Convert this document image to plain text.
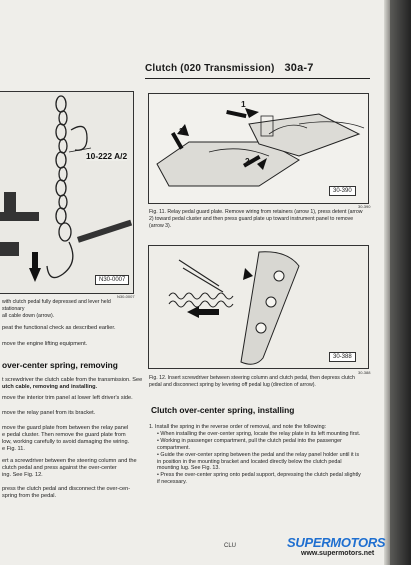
Clutch (020 Transmission) 30a-7
10-222 A/2
N30-0007
N30-0007
with clutch pedal fully depressed and lever held stationary
all cable down (arrow).
peat the functional check as described earlier.
move the engine lifting equipment.
over-center spring, removing
t screwdriver the clutch cable from the transmission. See
utch cable, removing and installing.
move the interior trim panel at lower left driver's side.
move the relay panel from its bracket.
move the guard plate from between the relay panel
e pedal cluster. Then remove the guard plate from
low, working carefully to avoid damaging the wiring.
e Fig. 11.
ert a screwdriver between the steering column and the
clutch pedal and press against the over-center
ing. See Fig. 12.
press the clutch pedal and disconnect the over-cen-
spring from the pedal.
1
2
3
30-390
30-390
Fig. 11. Relay pedal guard plate. Remove wiring from retainers (arrow 1), press detent (arrow 2) toward pedal cluster and then press guard plate up toward instrument panel to remove (arrow 3).
30-388
30-388
Fig. 12. Insert screwdriver between steering column and clutch pedal, then depress clutch pedal and disconnect spring by levering off pedal lug (direction of arrow).
Clutch over-center spring, installing

1. Install the spring in the reverse order of removal, and note the following:

• When installing the over-center spring, locate the relay plate in its left mounting first.

• Working in passenger compartment, pull the clutch pedal into the passenger compartment.

• Guide the over-center spring between the pedal and the relay panel holder until it is in position in the mounting bracket and located directly below the clutch pedal mounting lug. See Fig. 13.

• Press the over-center spring onto pedal support, depressing the clutch pedal slightly if necessary.

CLU	SUPERMOTORS
www.supermotors.net
